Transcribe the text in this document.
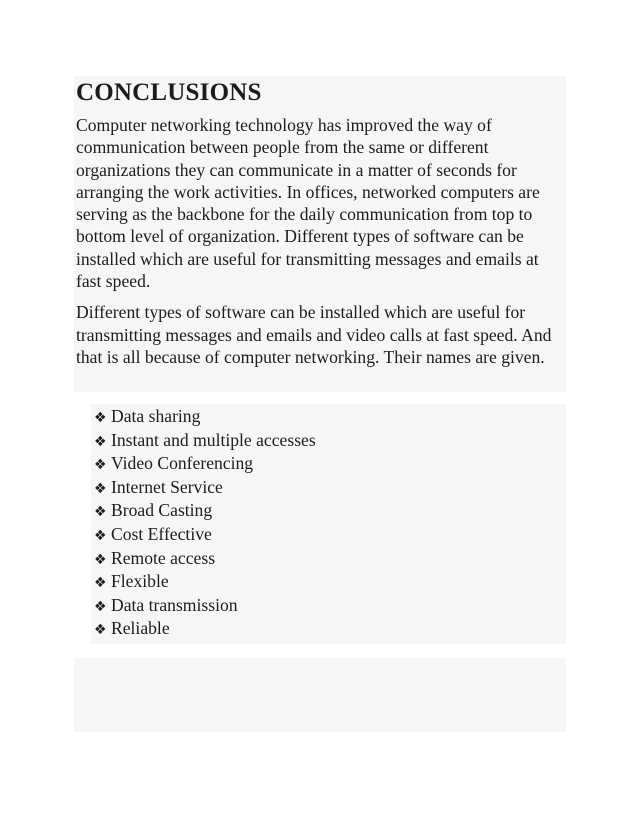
CONCLUSIONS

Computer networking technology has improved the way of communication between people from the same or different organizations they can communicate in a matter of seconds for arranging the work activities. In offices, networked computers are serving as the backbone for the daily communication from top to bottom level of organization. Different types of software can be installed which are useful for transmitting messages and emails at fast speed.

Different types of software can be installed which are useful for transmitting messages and emails and video calls at fast speed. And that is all because of computer networking. Their names are given.

❖ Data sharing
❖ Instant and multiple accesses
❖ Video Conferencing
❖ Internet Service
❖ Broad Casting
❖ Cost Effective
❖ Remote access
❖ Flexible
❖ Data transmission
❖ Reliable
